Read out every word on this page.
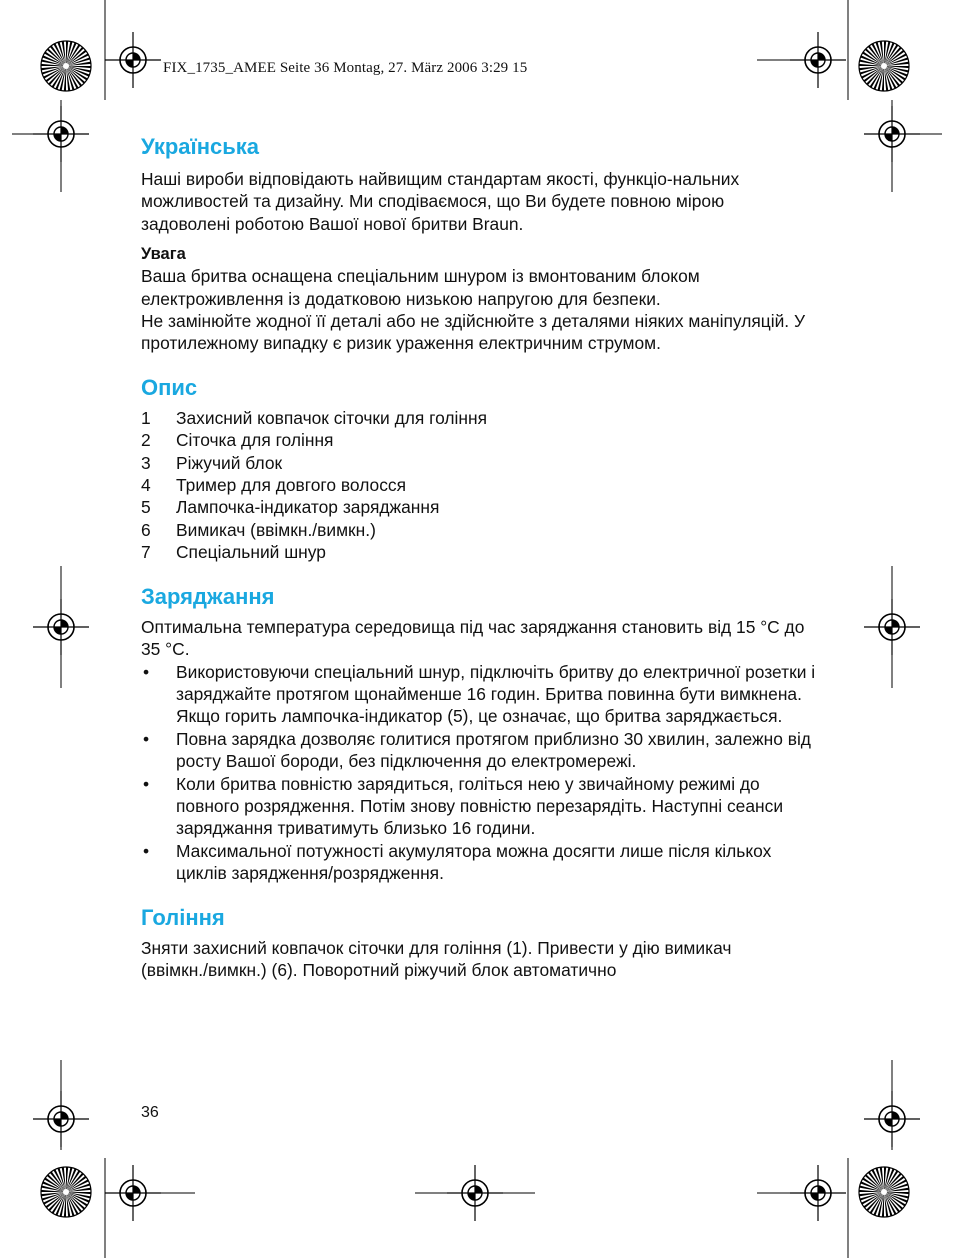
FIX_1735_AMEE Seite 36 Montag, 27. März 2006 3:29 15
Українська

Наші вироби відповідають найвищим стандартам якості, функціо-нальних можливостей та дизайну. Ми сподіваємося, що Ви будете повною мірою задоволені роботою Вашої нової бритви Braun.

Увага

Ваша бритва оснащена спеціальним шнуром із вмонтованим блоком електроживлення із додатковою низькою напругою для безпеки.

Не замінюйте жодної її деталі або не здійснюйте з деталями ніяких маніпуляцій. У протилежному випадку є ризик ураження електричним струмом.

Опис
1	Захисний ковпачок сіточки для гоління
2	Сіточка для гоління
3	Ріжучий блок
4	Тример для довгого волосся
5	Лампочка-індикатор заряджання
6	Вимикач (ввімкн./вимкн.)
7	Спеціальний шнур
Заряджання

Оптимальна температура середовища під час заряджання становить від 15 °C до 35 °C.

•	Використовуючи спеціальний шнур, підключіть бритву до електричної розетки і заряджайте протягом щонайменше 16 годин. Бритва повинна бути вимкнена. Якщо горить лампочка-індикатор (5), це означає, що бритва заряджається.
•	Повна зарядка дозволяє голитися протягом приблизно 30 хвилин, залежно від росту Вашої бороди, без підключення до електромережі.
•	Коли бритва повністю зарядиться, голіться нею у звичайному режимі до повного розрядження. Потім знову повністю перезарядіть. Наступні сеанси заряджання триватимуть близько 16 години.
•	Максимальної потужності акумулятора можна досягти лише після кількох циклів зарядження/розрядження.
Гоління

Зняти захисний ковпачок сіточки для гоління (1). Привести у дію вимикач (ввімкн./вимкн.) (6). Поворотний ріжучий блок автоматично

36
